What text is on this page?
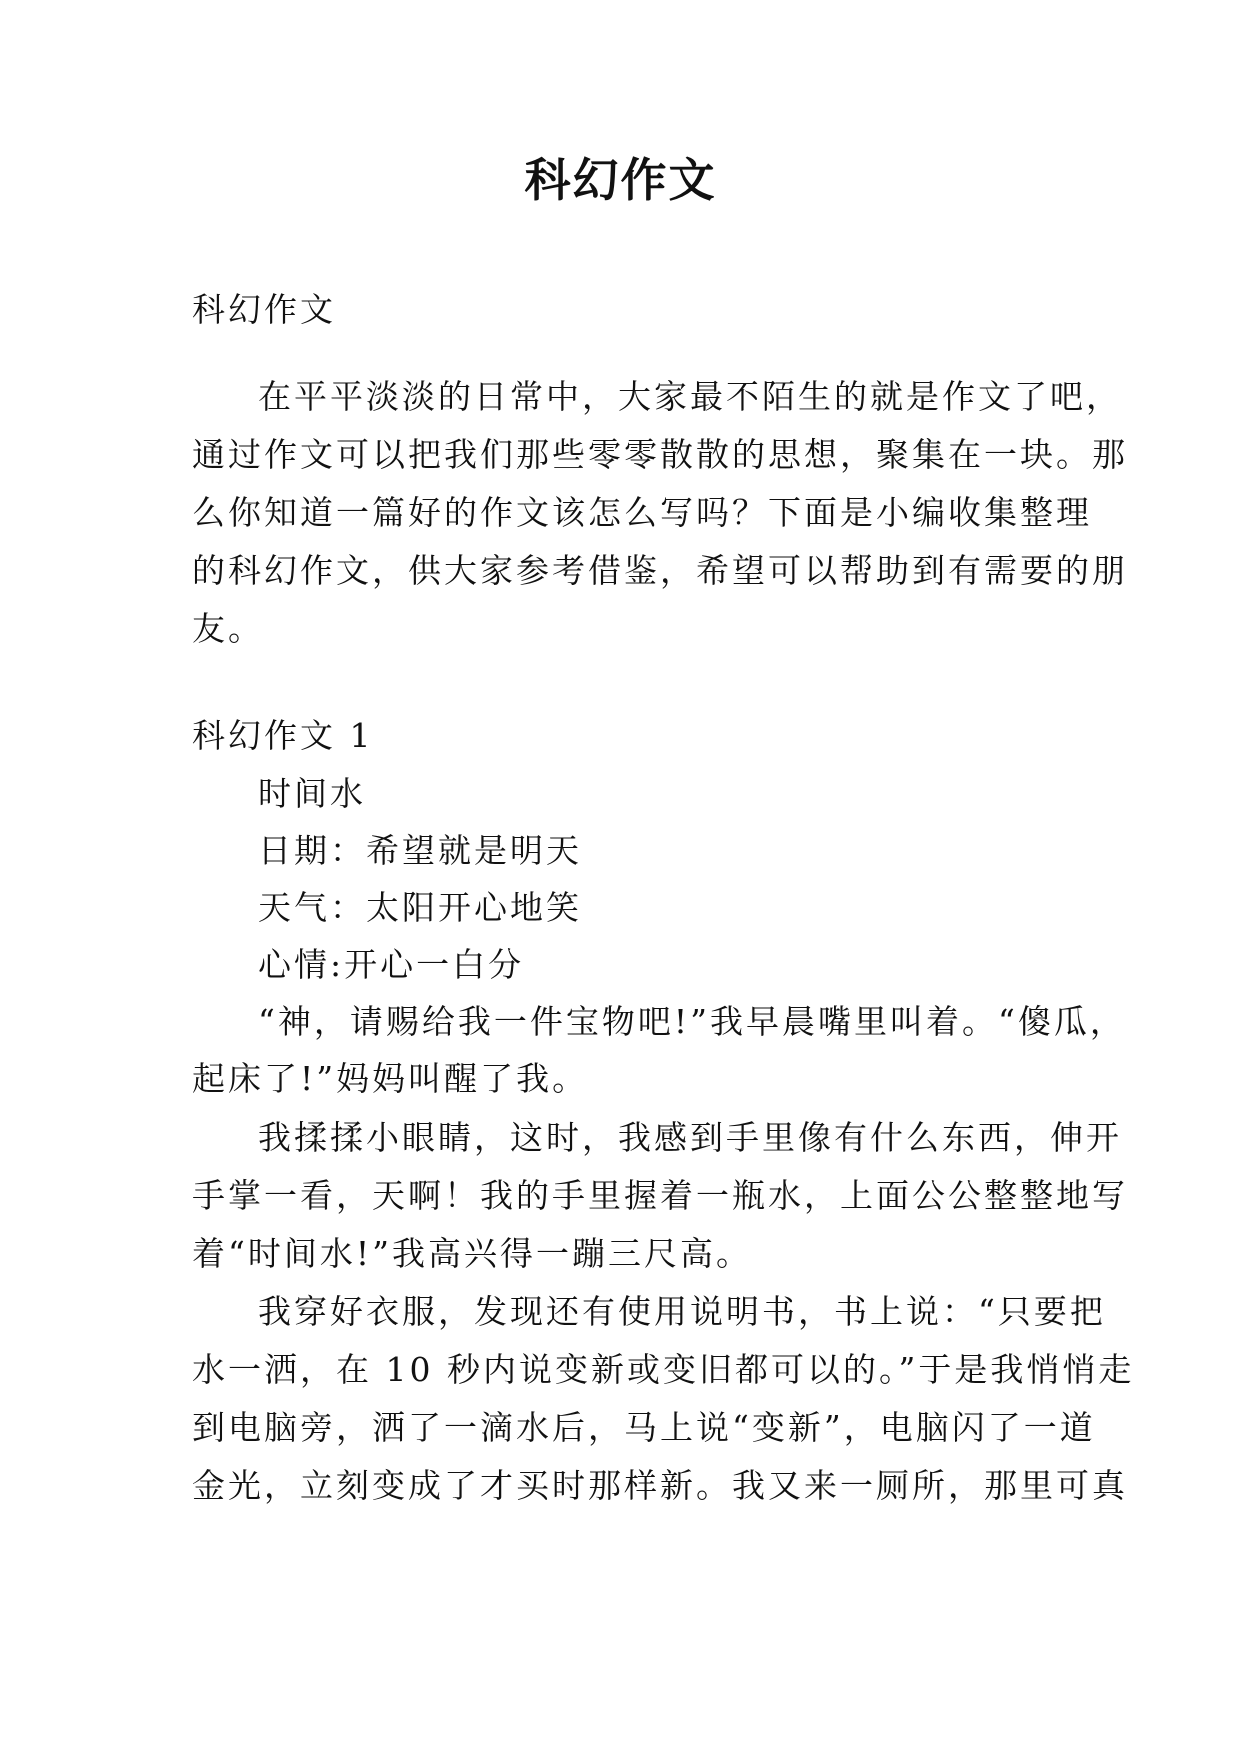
科幻作文
科幻作文
在平平淡淡的日常中，大家最不陌生的就是作文了吧，
通过作文可以把我们那些零零散散的思想，聚集在一块。那
么你知道一篇好的作文该怎么写吗？下面是小编收集整理
的科幻作文，供大家参考借鉴，希望可以帮助到有需要的朋
友。
科幻作文 1
时间水
日期：希望就是明天
天气：太阳开心地笑
心情:开心一白分
“神，请赐给我一件宝物吧!”我早晨嘴里叫着。“傻瓜，
起床了!”妈妈叫醒了我。
我揉揉小眼睛，这时，我感到手里像有什么东西，伸开
手掌一看，天啊！我的手里握着一瓶水，上面公公整整地写
着“时间水!”我高兴得一蹦三尺高。
我穿好衣服，发现还有使用说明书，书上说：“只要把
水一洒，在 10 秒内说变新或变旧都可以的。”于是我悄悄走
到电脑旁，洒了一滴水后，马上说“变新”，电脑闪了一道
金光，立刻变成了才买时那样新。我又来一厕所，那里可真
